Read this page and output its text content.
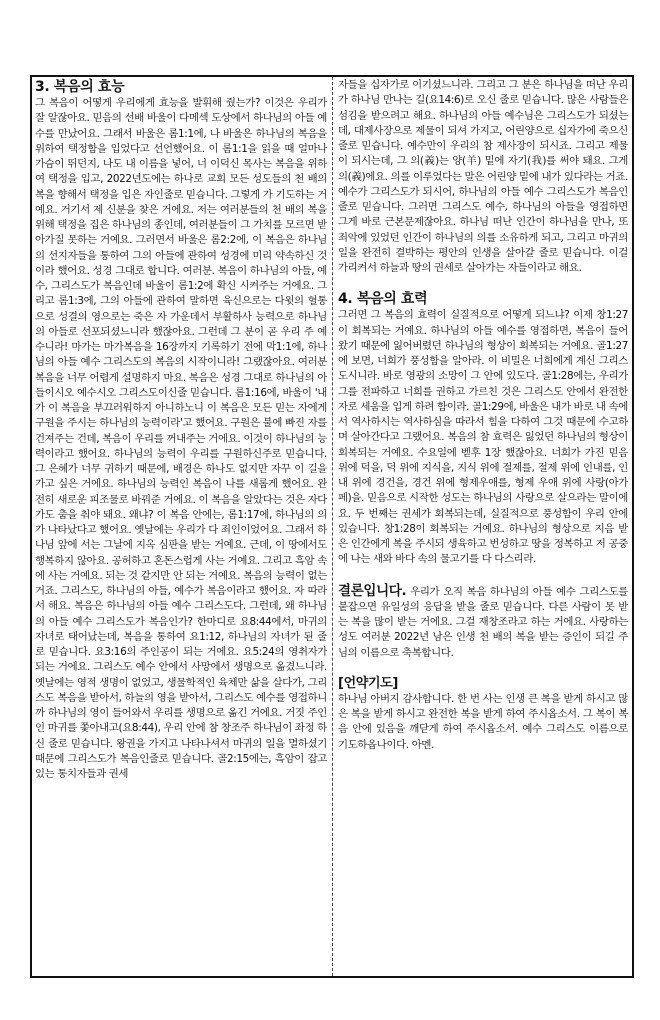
3. 복음의 효능

그 복음이 어떻게 우리에게 효능을 발휘해 줬는가? 이것은 우리가 잘 알잖아요. 믿음의 선배 바울이 다메섹 도상에서 하나님의 아들 예수를 만났어요. 그래서 바울은 롬1:1에, 나 바울은 하나님의 복음을 위하여 택정함을 입었다고 선언했어요. 이 롬1:1을 읽을 때 얼마나 가슴이 뛰던지, 나도 내 이름을 넣어, 너 이덕신 목사는 복음을 위하여 택정을 입고, 2022년도에는 하나로 교회 모든 성도들의 천 배의 복을 향해서 택정을 입은 자인줄로 믿습니다. 그렇게 가 기도하는 거예요. 거기서 제 신분을 찾은 거에요. 저는 여러분들의 천 배의 복을 위해 택정을 집은 하나님의 종인데, 여러분들이 그 가치를 모르면 받아가질 못하는 거예요. 그러면서 바울은 롬2:2에, 이 복음은 하나님의 선지자들을 통하여 그의 아들에 관하여 성경에 미리 약속하신 것이라 했어요. 성경 그대로 합니다. 여러분. 복음이 하나님의 아들, 예수, 그리스도가 복음인데 바울이 롬1:2에 확신 시켜주는 거에요. 그리고 롬1:3에, 그의 아들에 관하여 말하면 육신으로는 다윗의 혈통으로 성결의 영으로는 죽은 자 가운데서 부활하사 능력으로 하나님의 아들로 선포되셨느니라 했잖아요. 그런데 그 분이 곧 우리 주 예수니라! 마가는 마가복음을 16장까지 기록하기 전에 막1:1에, 하나님의 아들 예수 그리스도의 복음의 시작이니라! 그랬잖아요. 여러분 복음을 너무 어렵게 설명하지 마요. 복음은 성경 그대로 하나님의 아들이시오 예수시오 그리스도이신줄 믿습니다. 롬1:16에, 바울이 '내가 이 복음을 부끄러워하지 아니하노니 이 복음은 모든 믿는 자에게 구원을 주시는 하나님의 능력이라'고 했어요. 구원은 불에 빠진 자를 건져주는 건데, 복음이 우리를 꺼내주는 거에요. 이것이 하나님의 능력이라고 했어요. 하나님의 능력이 우리를 구원하신주로 믿습니다. 그 은혜가 너무 귀하기 때문에, 배경은 하나도 없지만 자꾸 이 길을 가고 싶은 거에요. 하나님의 능력인 복음이 나를 새롭게 했어요. 완전히 새로운 피조물로 바꿔준 거에요. 이 복음을 알았다는 것은 자다가도 춤을 춰야 돼요. 왜냐? 이 복음 안에는, 롬1:17에, 하나님의 의가 나타났다고 했어요. 옛날에는 우리가 다 죄인이었어요. 그래서 하나님 앞에 서는 그날에 지옥 심판을 받는 거예요. 근데, 이 땅에서도 행복하지 않아요. 공허하고 혼돈스럽게 사는 거예요. 그리고 흑암 속에 사는 거예요. 되는 것 같지만 안 되는 거예요. 복음의 능력이 없는 거죠. 그리스도, 하나님의 아들, 예수가 복음이라고 했어요. 자 따라서 해요. 복음은 하나님의 아들 예수 그리스도다. 그런데, 왜 하나님의 아들 예수 그리스도가 복음인가? 한마디로 요8:44에서, 마귀의 자녀로 태어났는데, 복음을 통하여 요1:12, 하나님의 자녀가 된 줄로 믿습니다. 요3:16의 주인공이 되는 거에요. 요5:24의 영취자가 되는 거에요. 그리스도 예수 안에서 사망에서 생명으로 옮겼느니라. 옛날에는 영적 생명이 없었고, 생물학적인 육체만 삶을 살다가, 그리스도 복음을 받아서, 하늘의 영을 받아서, 그리스도 예수를 영접하니까 하나님의 영이 들어와서 우리를 생명으로 옮긴 거에요. 거짓 주인인 마귀를 쫓아내고(요8:44), 우리 안에 참 창조주 하나님이 좌정 하신 줄로 믿습니다. 왕권을 가지고 나타나셔서 마귀의 일을 멸하셨기 때문에 그리스도가 복음인줄로 믿습니다. 골2:15에는, 흑암이 잡고 있는 통치자들과 권세

자들을 십자가로 이기셨느니라. 그리고 그 분은 하나님을 떠난 우리가 하나님 만나는 길(요14:6)로 오신 줄로 믿습니다. 많은 사람들은 섬김을 받으려고 해요. 하나님의 아들 예수님은 그리스도가 되셨는데, 대제사장으로 제물이 되셔 가지고, 어린양으로 십자가에 죽으신 줄로 믿습니다. 예수만이 우리의 참 제사장이 되시죠. 그리고 제물이 되시는데, 그 의(義)는 양(羊) 밑에 자기(我)를 써야 돼요. 그게 의(義)에요. 의를 이루었다는 말은 어린양 밑에 내가 있다라는 거죠. 예수가 그리스도가 되시어, 하나님의 아들 예수 그리스도가 복음인줄로 믿습니다. 그러면 그리스도 예수, 하나님의 아들을 영접하면 그게 바로 근본문제잖아요. 하나님 떠난 인간이 하나님을 만나, 또 죄악에 있었던 인간이 하나님의 의를 소유하게 되고, 그리고 마귀의 일을 완전히 결박하는 평안의 인생을 살아갈 줄로 믿습니다. 이걸 가리켜서 하늘과 땅의 권세로 살아가는 자들이라고 해요.

4. 복음의 효력

그러면 그 복음의 효력이 실질적으로 어떻게 되느냐? 이제 창1:27이 회복되는 거예요. 하나님의 아들 예수를 영접하면, 복음이 들어왔기 때문에 잃어버렸던 하나님의 형상이 회복되는 거예요. 골1:27에 보면, 너희가 풍성함을 알아라. 이 비밀은 너희에게 계신 그리스도시니라. 바로 영광의 소망이 그 안에 있도다. 골1:28에는, 우리가 그를 전파하고 너희를 권하고 가르친 것은 그리스도 안에서 완전한 자로 세움을 입게 하려 함이라. 골1:29에, 바울은 내가 바로 내 속에서 역사하시는 역사하심을 따라서 힘을 다하여 그것 때문에 수고하며 살아간다고 그랬어요. 복음의 참 효력은 잃었던 하나님의 형상이 회복되는 거예요. 수요일에 벧후 1장 했잖아요. 너희가 가진 믿음 위에 덕을, 덕 위에 지식을, 지식 위에 절제를, 절제 위에 인내를, 인내 위에 경건을, 경건 위에 형제우애를, 형제 우애 위에 사랑(아가페)을. 믿음으로 시작한 성도는 하나님의 사랑으로 살으라는 말이에요. 두 번째는 권세가 회복되는데, 실질적으로 풍성함이 우리 안에 있습니다. 창1:28이 회복되는 거예요. 하나님의 형상으로 지음 받은 인간에게 복을 주시되 생육하고 번성하고 땅을 정복하고 저 공중에 나는 새와 바다 속의 물고기를 다 다스리라.

결론입니다. 우리가 오직 복음 하나님의 아들 예수 그리스도를 붙잡으면 유일성의 응답을 받을 줄로 믿습니다. 다른 사람이 못 받는 복을 많이 받는 거에요. 그걸 재창조라고 하는 거에요. 사랑하는 성도 여러분 2022년 남은 인생 천 배의 복을 받는 증인이 되길 주님의 이름으로 축복합니다.

[언약기도]

하나님 아버지 감사합니다. 한 번 사는 인생 큰 복을 받게 하시고 많은 복을 받게 하시고 완전한 복을 받게 하여 주시옵소서. 그 복이 복음 안에 있음을 깨닫게 하여 주시옵소서. 예수 그리스도 이름으로 기도하옵나이다. 아멘.
